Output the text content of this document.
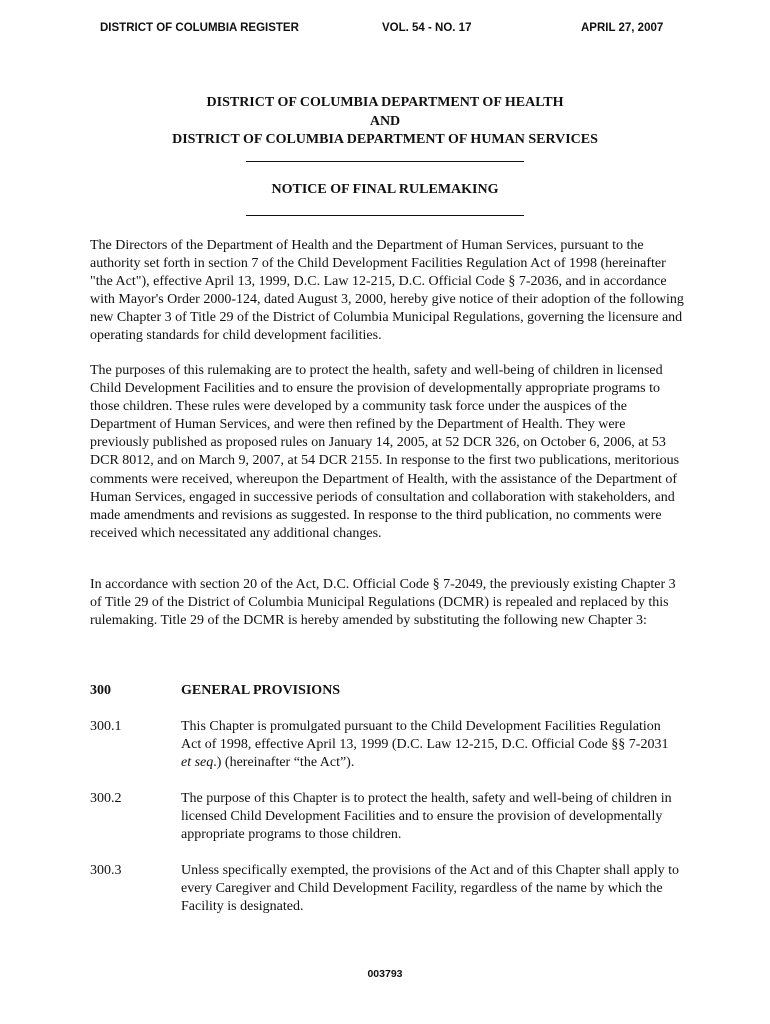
DISTRICT OF COLUMBIA REGISTER	VOL. 54 - NO. 17	APRIL 27, 2007
DISTRICT OF COLUMBIA DEPARTMENT OF HEALTH
AND
DISTRICT OF COLUMBIA DEPARTMENT OF HUMAN SERVICES
NOTICE OF FINAL RULEMAKING

The Directors of the Department of Health and the Department of Human Services, pursuant to the authority set forth in section 7 of the Child Development Facilities Regulation Act of 1998 (hereinafter "the Act"), effective April 13, 1999, D.C. Law 12-215, D.C. Official Code § 7-2036, and in accordance with Mayor's Order 2000-124, dated August 3, 2000, hereby give notice of their adoption of the following new Chapter 3 of Title 29 of the District of Columbia Municipal Regulations, governing the licensure and operating standards for child development facilities.

The purposes of this rulemaking are to protect the health, safety and well-being of children in licensed Child Development Facilities and to ensure the provision of developmentally appropriate programs to those children. These rules were developed by a community task force under the auspices of the Department of Human Services, and were then refined by the Department of Health. They were previously published as proposed rules on January 14, 2005, at 52 DCR 326, on October 6, 2006, at 53 DCR 8012, and on March 9, 2007, at 54 DCR 2155. In response to the first two publications, meritorious comments were received, whereupon the Department of Health, with the assistance of the Department of Human Services, engaged in successive periods of consultation and collaboration with stakeholders, and made amendments and revisions as suggested. In response to the third publication, no comments were received which necessitated any additional changes.

In accordance with section 20 of the Act, D.C. Official Code § 7-2049, the previously existing Chapter 3 of Title 29 of the District of Columbia Municipal Regulations (DCMR) is repealed and replaced by this rulemaking. Title 29 of the DCMR is hereby amended by substituting the following new Chapter 3:

300	GENERAL PROVISIONS
300.1	This Chapter is promulgated pursuant to the Child Development Facilities Regulation Act of 1998, effective April 13, 1999 (D.C. Law 12-215, D.C. Official Code §§ 7-2031 et seq.) (hereinafter “the Act”).
300.2	The purpose of this Chapter is to protect the health, safety and well-being of children in licensed Child Development Facilities and to ensure the provision of developmentally appropriate programs to those children.
300.3	Unless specifically exempted, the provisions of the Act and of this Chapter shall apply to every Caregiver and Child Development Facility, regardless of the name by which the Facility is designated.
003793
